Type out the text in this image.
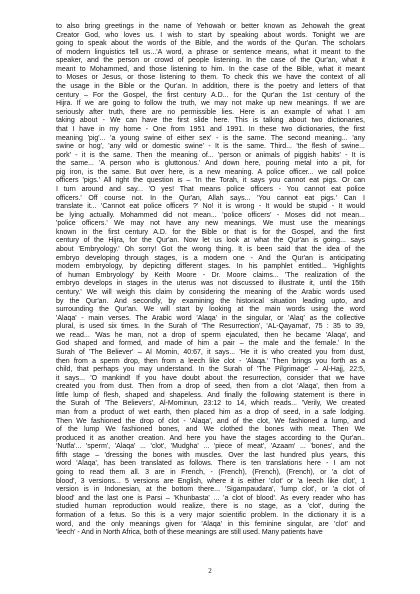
to also bring greetings in the name of Yehowah or better known as Jehowah the great
Creator God, who loves us. I wish to start by speaking about words. Tonight we are
going to speak about the words of the Bible, and the words of the Qur'an. The scholars
of modern linguistics tell us...'A word, a phrase or sentence means, what it meant to the
speaker, and the person or crowd of people listening. In the case of the Qur'an, what it
meant to Mohammed, and those listening to him. In the case of the Bible, what it meant
to Moses or Jesus, or those listening to them. To check this we have the context of all
the usage in the Bible or the Qur'an. In addition, there is the poetry and letters of that
century – For the Gospel, the first century A.D... for the Qur'an the 1st century of the
Hijra. If we are going to follow the truth, we may not make up new meanings. If we are
seriously after truth, there are no permissible lies. Here is an example of what I am
taking about - We can have the first slide here. This is talking about two dictionaries,
that I have in my home - One from 1951 and 1991. In these two dictionaries, the first
meaning 'pig'... 'a young swine of either sex' - is the same. The second meaning... 'any
swine or hog', 'any wild or domestic swine' - It is the same. Third... 'the flesh of swine...
pork' - it is the same. Then the meaning of... 'person or animals of piggish habits' - It is
the same... 'A person who is gluttonous.' And down here, pouring metal into a pit, for
pig iron, is the same. But over here, is a new meaning. A police officer... we call police
officers 'pigs.' All right the question is – 'In the Torah, it says you cannot eat pigs. Or can
I turn around and say... 'O yes! That means police officers - You cannot eat police
officers.' Off course not. In the Qur'an, Allah says... 'You cannot eat pigs.' Can I
translate it... 'Cannot eat police officers ?' No! it is wrong - It would be stupid - It would
be lying actually. Mohammed did not mean... 'police officers' - Moses did not mean...
'police officers.' We may not have any new meanings. We must use the meanings
known in the first century A.D. for the Bible or that is for the Gospel, and the first
century of the Hijra, for the Qur'an. Now let us look at what the Qur'an is going... says
about 'Embryology.' Oh sorry! Got the wrong thing. It is been said that the idea of the
embryo developing through stages, is a modern one - And the Qur'an is anticipating
modern embryology, by depicting different stages. In his pamphlet entitled... 'Highlights
of human Embryology' by Keith Moore - Dr. Moore claims... 'The realization of the
embryo develops in stages in the uterus was not discussed to illustrate it, until the 15th
century.' We will weigh this claim by considering the meaning of the Arabic words used
by the Qur'an. And secondly, by examining the historical situation leading upto, and
surrounding the Qur'an. We will start by looking at the main words using the word
'Alaqa' - main verses. The Arabic word 'Alaqa' in the singular, or 'Alaq' as the collective
plural, is used six times. In the Surah of 'The Resurrection', 'AL-Qayamat', 75 : 35 to 39,
we read... 'Was he man, not a drop of sperm ejaculated, then he became 'Alaqa', and
God shaped and formed, and made of him a pair – the male and the female.' In the
Surah of 'The Believer' – Al Momin, 40:67, it says... 'He it is who created you from dust,
then from a sperm drop, then from a leech like clot - 'Alaqa.' Then brings you forth as a
child, that perhaps you may understand. In the Surah of 'The Pilgrimage' – Al-Hajj, 22:5,
it says... 'O mankind! If you have doubt about the resurrection, consider that we have
created you from dust. Then from a drop of seed, then from a clot 'Alaqa', then from a
little lump of flesh, shaped and shapeless. And finally the following statement is there in
the Surah of 'The Believers', Al-Mominun, 23:12 to 14, which reads... 'Verily, We created
man from a product of wet earth, then placed him as a drop of seed, in a safe lodging.
Then We fashioned the drop of clot - 'Alaqa', and of the clot, We fashioned a lump, and
of the lump We fashioned bones, and We clothed the bones with meat. Then We
produced it as another creation. And here you have the stages according to the Qur'an..
'Nutfa'... 'sperm', 'Alaqa' ... 'clot', 'Mudgha' ... 'piece of meat', 'Azaam' ... 'bones', and the
fifth stage – 'dressing the bones with muscles. Over the last hundred plus years, this
word 'Alaqa', has been translated as follows. There is ten translations here - I am not
going to read them all. 3 are in French, - (French), (French), (French), or 'a clot of
blood', 3 versions... 5 versions are English, where it is either 'clot' or 'a leech like clot', 1
version is in Indonesian, at the bottom there... 'Sigampaudara', 'lump clot', or 'a clot of
blood' and the last one is Parsi – 'Khunbasta' ... 'a clot of blood'. As every reader who has
studied human reproduction would realize, there is no stage, as a 'clot', during the
formation of a fetus. So this is a very major scientific problem. In the dictionary it is a
word, and the only meanings given for 'Alaqa' in this feminine singular, are 'clot' and
'leech' - And in North Africa, both of these meanings are still used. Many patients have
2
